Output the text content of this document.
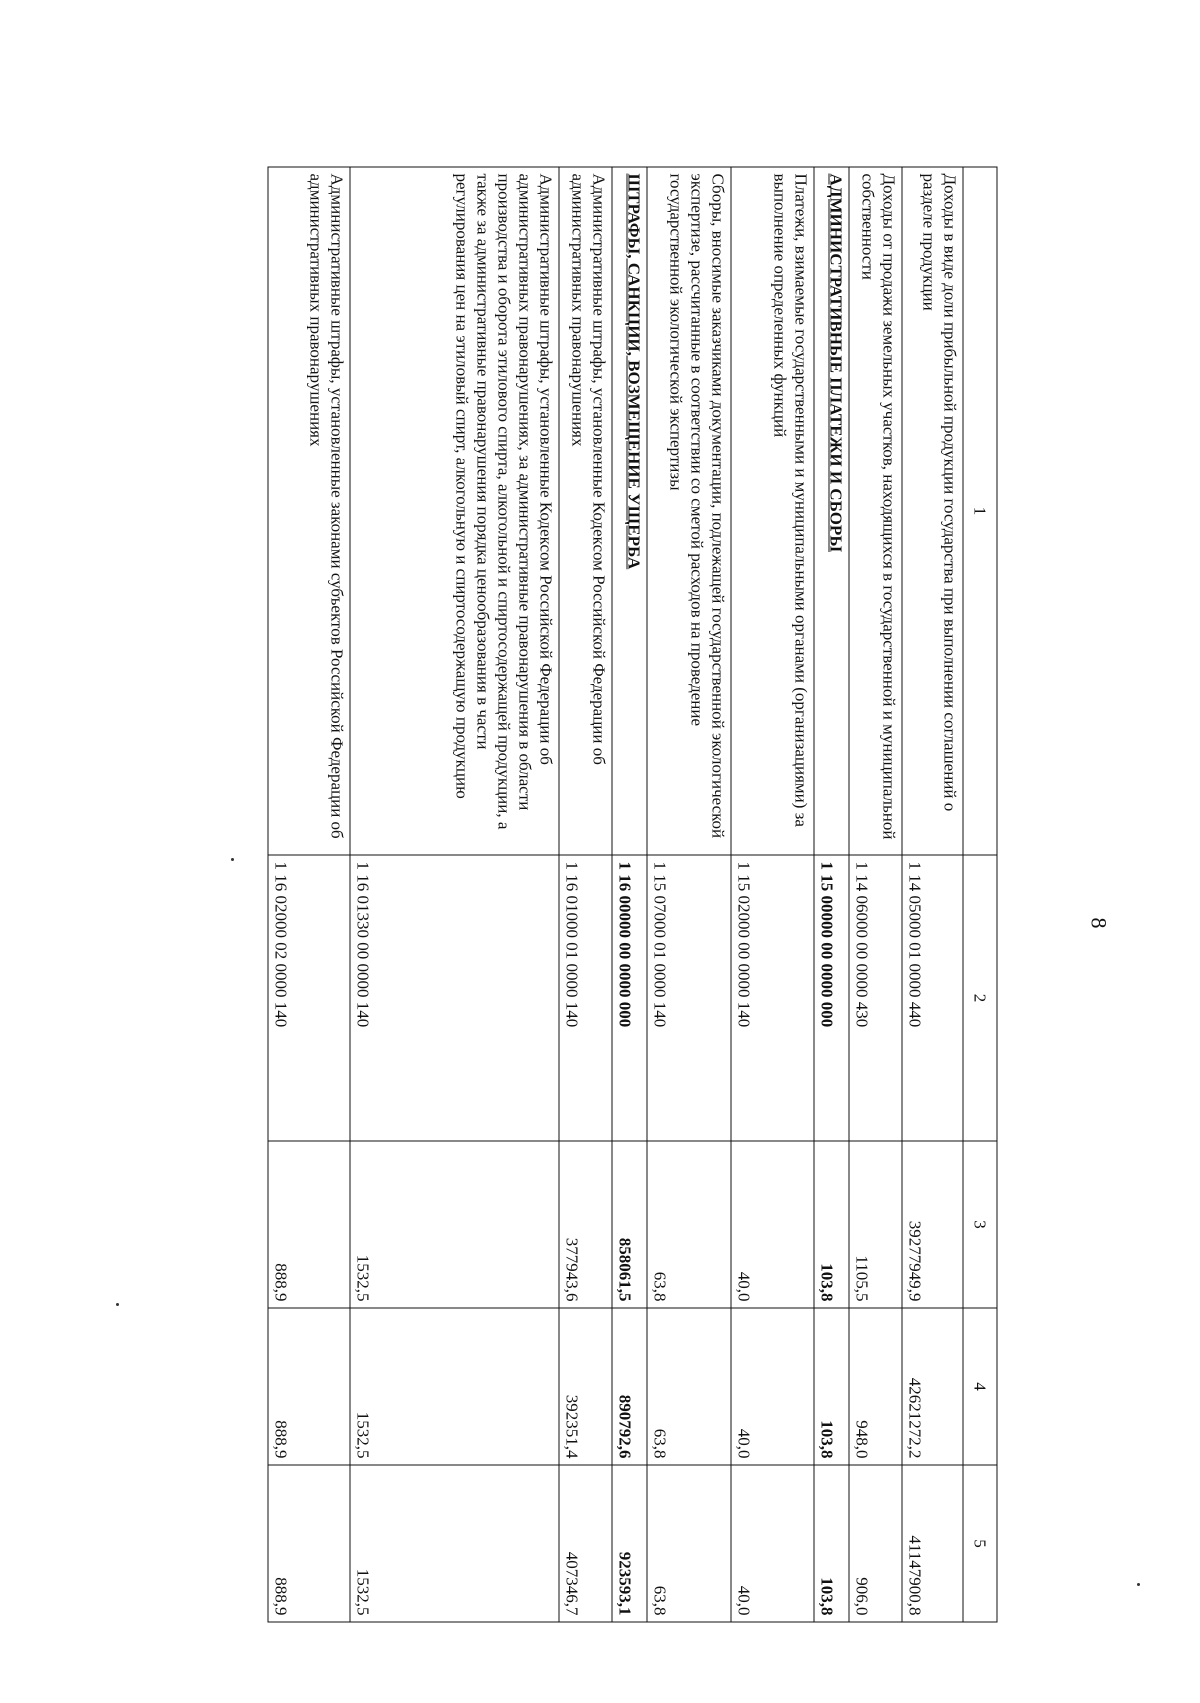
8
1	2	3	4	5
Доходы в виде доли прибыльной продукции государства при выполнении соглашений о разделе продукции	1 14 05000 01 0000 440	39277949,9	42621272,2	41147900,8
Доходы от продажи земельных участков, находящихся в государственной и муниципальной собственности	1 14 06000 00 0000 430	1105,5	948,0	906,0
АДМИНИСТРАТИВНЫЕ ПЛАТЕЖИ И СБОРЫ	1 15 00000 00 0000 000	103,8	103,8	103,8
Платежи, взимаемые государственными и муниципальными органами (организациями) за выполнение определенных функций	1 15 02000 00 0000 140	40,0	40,0	40,0
Сборы, вносимые заказчиками документации, подлежащей государственной экологической экспертизе, рассчитанные в соответствии со сметой расходов на проведение государственной экологической экспертизы	1 15 07000 01 0000 140	63,8	63,8	63,8
ШТРАФЫ, САНКЦИИ, ВОЗМЕЩЕНИЕ УЩЕРБА	1 16 00000 00 0000 000	858061,5	890792,6	923593,1
Административные штрафы, установленные Кодексом Российской Федерации об административных правонарушениях	1 16 01000 01 0000 140	377943,6	392351,4	407346,7
Административные штрафы, установленные Кодексом Российской Федерации об административных правонарушениях, за административные правонарушения в области производства и оборота этилового спирта, алкогольной и спиртосодержащей продукции, а также за административные правонарушения порядка ценообразования в части регулирования цен на этиловый спирт, алкогольную и спиртосодержащую продукцию	1 16 01330 00 0000 140	1532,5	1532,5	1532,5
Административные штрафы, установленные законами субъектов Российской Федерации об административных правонарушениях	1 16 02000 02 0000 140	888,9	888,9	888,9
